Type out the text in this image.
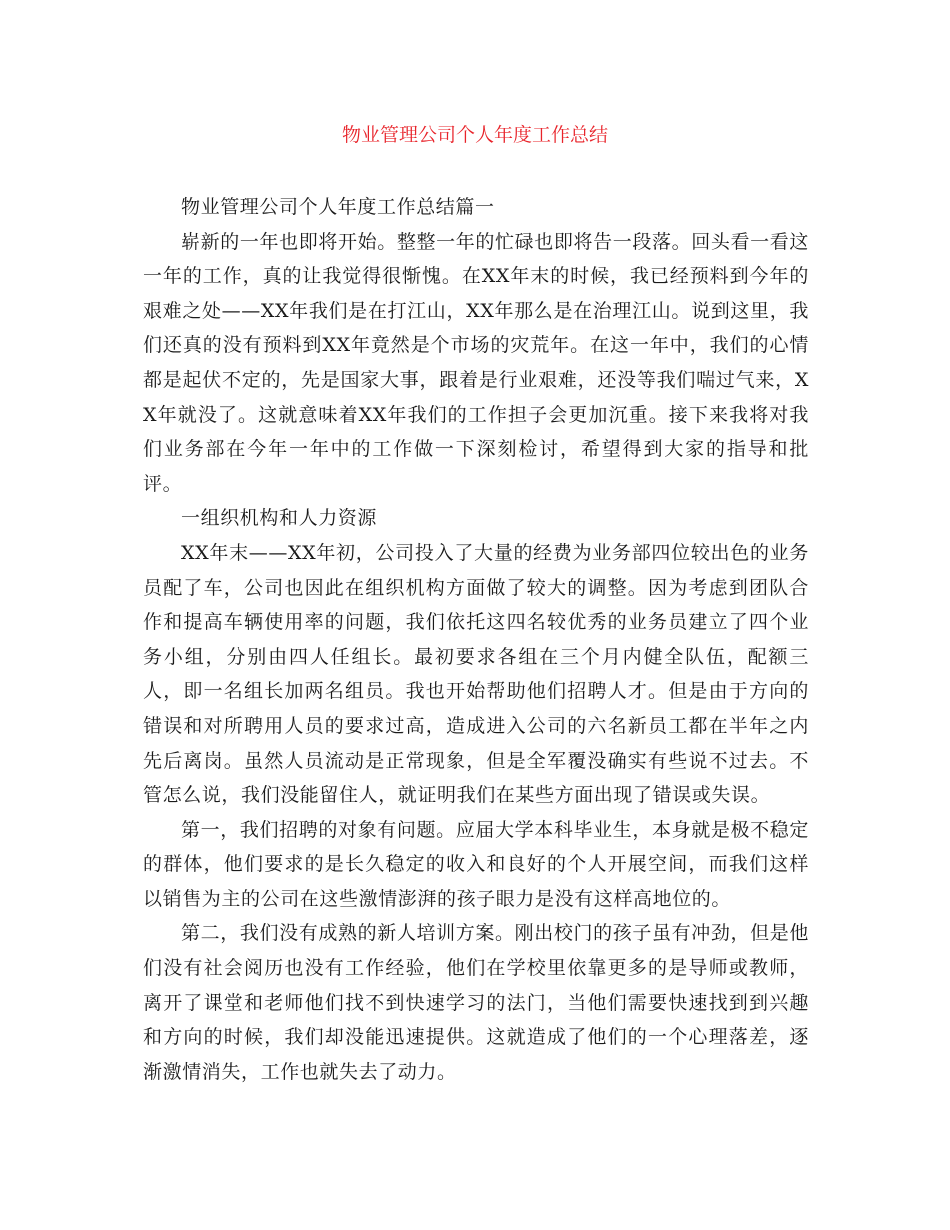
物业管理公司个人年度工作总结

物业管理公司个人年度工作总结篇一

崭新的一年也即将开始。整整一年的忙碌也即将告一段落。回头看一看这一年的工作，真的让我觉得很惭愧。在XX年末的时候，我已经预料到今年的艰难之处——XX年我们是在打江山，XX年那么是在治理江山。说到这里，我们还真的没有预料到XX年竟然是个市场的灾荒年。在这一年中，我们的心情都是起伏不定的，先是国家大事，跟着是行业艰难，还没等我们喘过气来，XX年就没了。这就意味着XX年我们的工作担子会更加沉重。接下来我将对我们业务部在今年一年中的工作做一下深刻检讨，希望得到大家的指导和批评。

一组织机构和人力资源

XX年末——XX年初，公司投入了大量的经费为业务部四位较出色的业务员配了车，公司也因此在组织机构方面做了较大的调整。因为考虑到团队合作和提高车辆使用率的问题，我们依托这四名较优秀的业务员建立了四个业务小组，分别由四人任组长。最初要求各组在三个月内健全队伍，配额三人，即一名组长加两名组员。我也开始帮助他们招聘人才。但是由于方向的错误和对所聘用人员的要求过高，造成进入公司的六名新员工都在半年之内先后离岗。虽然人员流动是正常现象，但是全军覆没确实有些说不过去。不管怎么说，我们没能留住人，就证明我们在某些方面出现了错误或失误。

第一，我们招聘的对象有问题。应届大学本科毕业生，本身就是极不稳定的群体，他们要求的是长久稳定的收入和良好的个人开展空间，而我们这样以销售为主的公司在这些激情澎湃的孩子眼力是没有这样高地位的。

第二，我们没有成熟的新人培训方案。刚出校门的孩子虽有冲劲，但是他们没有社会阅历也没有工作经验，他们在学校里依靠更多的是导师或教师，离开了课堂和老师他们找不到快速学习的法门，当他们需要快速找到到兴趣和方向的时候，我们却没能迅速提供。这就造成了他们的一个心理落差，逐渐激情消失，工作也就失去了动力。
